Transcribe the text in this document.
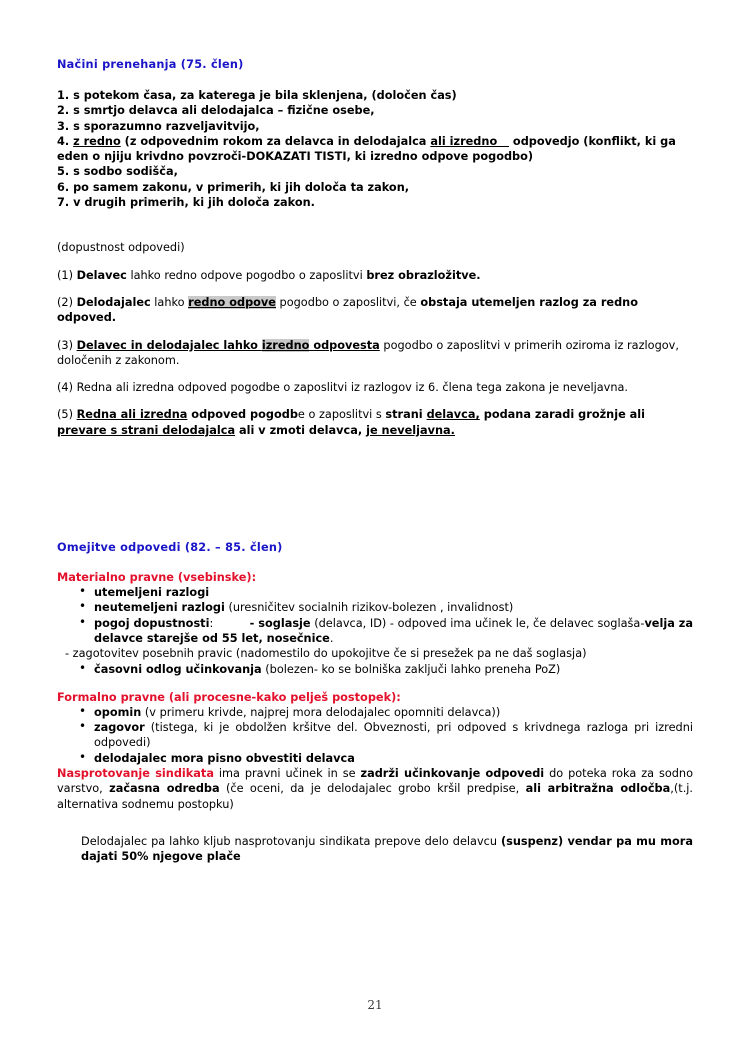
Načini prenehanja (75. člen)
1. s potekom časa, za katerega je bila sklenjena, (določen čas)
2. s smrtjo delavca ali delodajalca – fizične osebe,
3. s sporazumno razveljavitvijo,
4. z redno (z odpovednim rokom za delavca in delodajalca ali izredno    odpovedjo (konflikt, ki ga eden o njiju krivdno povzroči-DOKAZATI TISTI, ki izredno odpove pogodbo)
5. s sodbo sodišča,
6. po samem zakonu, v primerih, ki jih določa ta zakon,
7. v drugih primerih, ki jih določa zakon.
(dopustnost odpovedi)
(1) Delavec lahko redno odpove pogodbo o zaposlitvi brez obrazložitve.
(2) Delodajalec lahko redno odpove pogodbo o zaposlitvi, če obstaja utemeljen razlog za redno odpoved.
(3) Delavec in delodajalec lahko izredno odpovesta pogodbo o zaposlitvi v primerih oziroma iz razlogov, določenih z zakonom.
(4) Redna ali izredna odpoved pogodbe o zaposlitvi iz razlogov iz 6. člena tega zakona je neveljavna.
(5) Redna ali izredna odpoved pogodbe o zaposlitvi s strani delavca, podana zaradi grožnje ali prevare s strani delodajalca ali v zmoti delavca, je neveljavna.
Omejitve odpovedi (82. – 85. člen)
Materialno pravne (vsebinske):
• utemeljeni razlogi
• neutemeljeni razlogi (uresničitev socialnih rizikov-bolezen , invalidnost)
• pogoj dopustnosti:          - soglasje (delavca, ID) - odpoved ima učinek le, če delavec soglaša-velja za delavce starejše od 55 let, nosečnice.
- zagotovitev posebnih pravic (nadomestilo do upokojitve če si presežek pa ne daš soglasja)
• časovni odlog učinkovanja (bolezen- ko se bolniška zaključi lahko preneha PoZ)
Formalno pravne (ali procesne-kako pelješ postopek):
• opomin (v primeru krivde, najprej mora delodajalec opomniti delavca))
• zagovor (tistega, ki je obdolžen kršitve del. Obveznosti, pri odpoved s krivdnega razloga pri izredni odpovedi)
• delodajalec mora pisno obvestiti delavca
Nasprotovanje sindikata ima pravni učinek in se zadrži učinkovanje odpovedi do poteka roka za sodno varstvo, začasna odredba (če oceni, da je delodajalec grobo kršil predpise, ali arbitražna odločba,(t.j. alternativa sodnemu postopku)
Delodajalec pa lahko kljub nasprotovanju sindikata prepove delo delavcu (suspenz) vendar pa mu mora dajati 50% njegove plače
21
